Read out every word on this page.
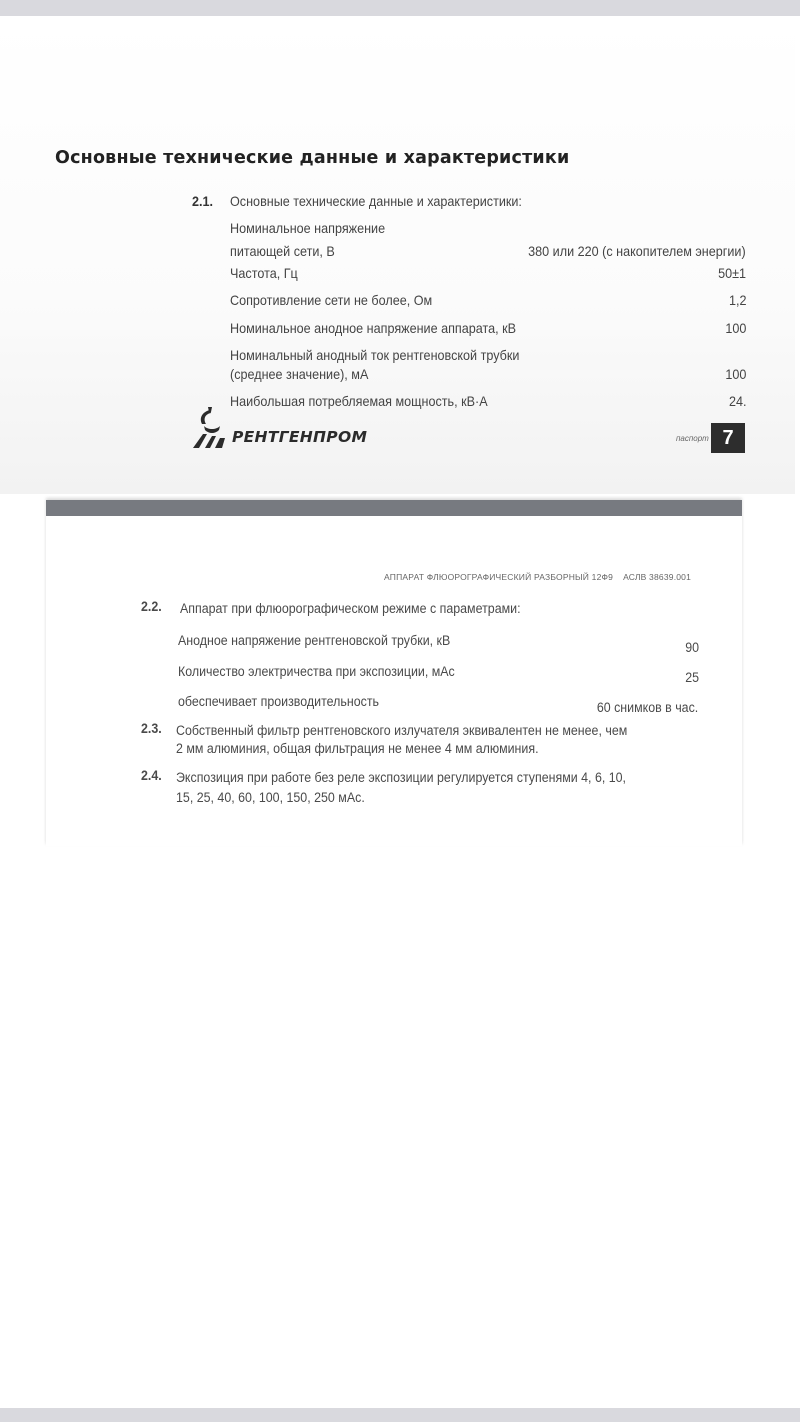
Основные технические данные и характеристики
2.1. Основные технические данные и характеристики:
Номинальное напряжение
питающей сети, В	380 или 220 (с накопителем энергии)
Частота, Гц	50±1
Сопротивление сети не более, Ом	1,2
Номинальное анодное напряжение аппарата, кВ	100
Номинальный анодный ток рентгеновской трубки
(среднее значение), мА	100
Наибольшая потребляемая мощность, кВ·А	24.
РЕНТГЕНПРОМ	паспорт 7
АППАРАТ ФЛЮОРОГРАФИЧЕСКИЙ РАЗБОРНЫЙ 12Ф9 АСЛВ 38639.001
2.2. Аппарат при флюорографическом режиме с параметрами:
Анодное напряжение рентгеновской трубки, кВ	90
Количество электричества при экспозиции, мАс	25
обеспечивает производительность	60 снимков в час.
2.3. Собственный фильтр рентгеновского излучателя эквивалентен не менее, чем
2 мм алюминия, общая фильтрация не менее 4 мм алюминия.
2.4. Экспозиция при работе без реле экспозиции регулируется ступенями 4, 6, 10,
15, 25, 40, 60, 100, 150, 250 мАс.
